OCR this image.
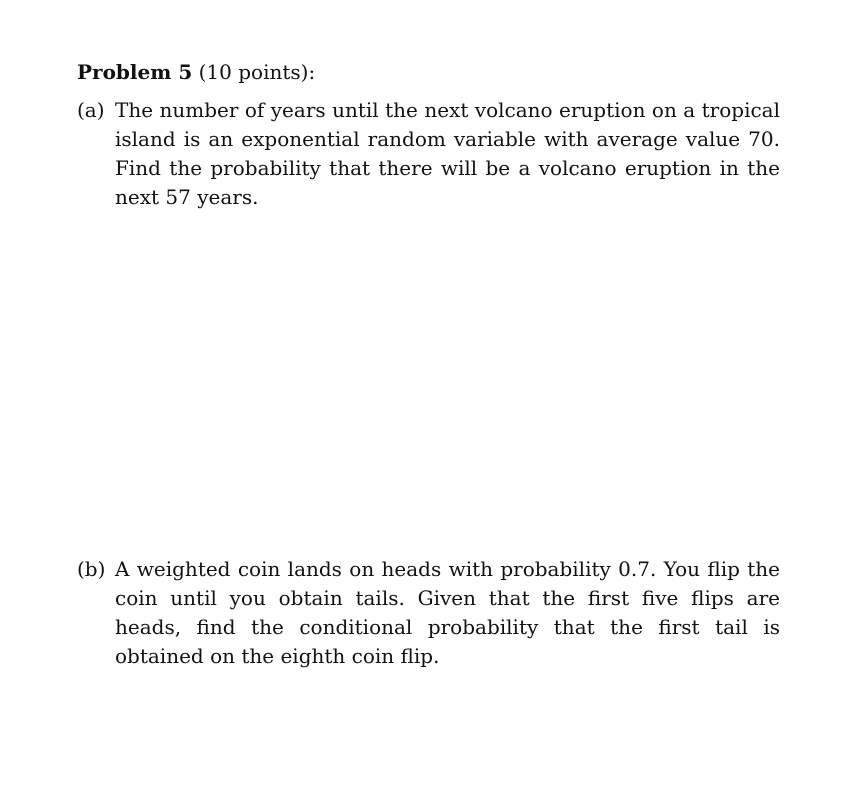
Problem 5 (10 points):
(a) The number of years until the next volcano eruption on a tropical island is an exponential random variable with average value 70. Find the probability that there will be a volcano eruption in the next 57 years.
(b) A weighted coin lands on heads with probability 0.7. You flip the coin until you obtain tails. Given that the first five flips are heads, find the conditional probability that the first tail is obtained on the eighth coin flip.
